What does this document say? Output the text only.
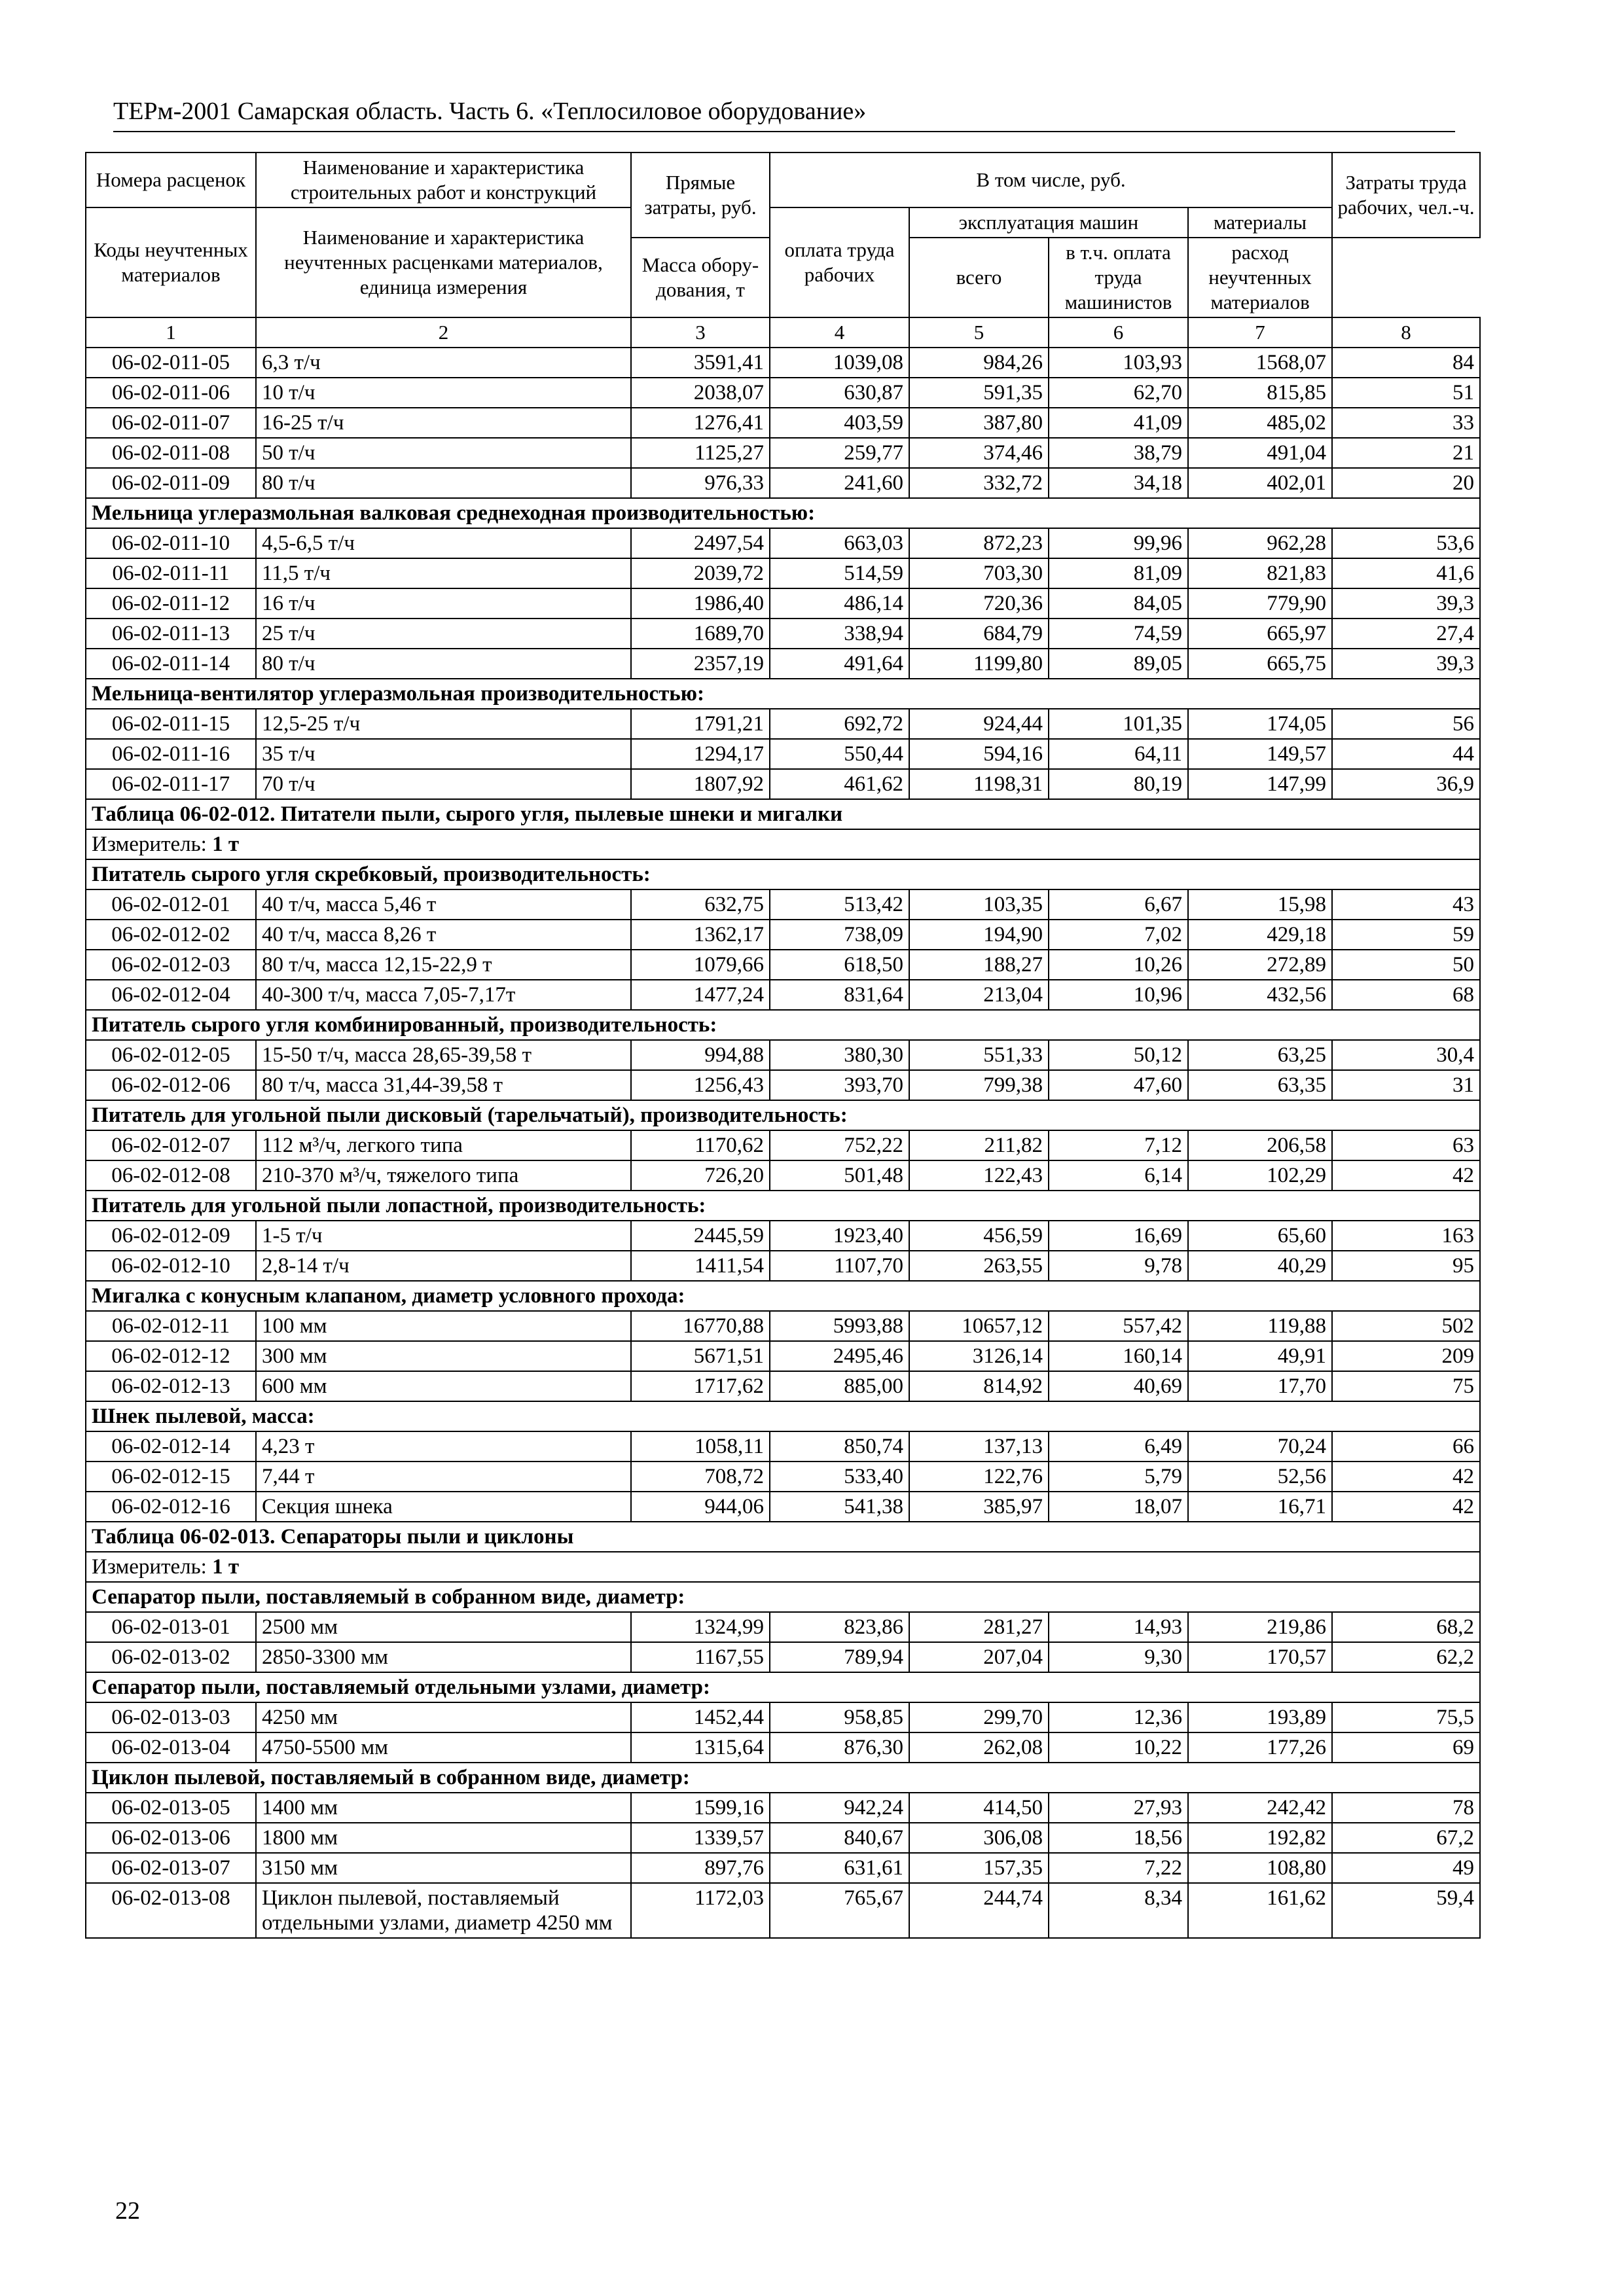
ТЕРм-2001 Самарская область. Часть 6. «Теплосиловое оборудование»
Номера расценок	Наименование и характеристика строительных работ и конструкций	Прямые затраты, руб.	В том числе, руб.				Затраты труда рабочих, чел.-ч.
Коды неучтенных материалов	Наименование и характеристика неучтенных расценками материалов, единица измерения		оплата труда рабочих	эксплуатация машин		материалы	
				всего	в т.ч. оплата труда машинистов	расход неучтенных материалов	
		Масса обору-дования, т					
1	2	3	4	5	6	7	8
06-02-011-05	6,3 т/ч	3591,41	1039,08	984,26	103,93	1568,07	84
06-02-011-06	10 т/ч	2038,07	630,87	591,35	62,70	815,85	51
06-02-011-07	16-25 т/ч	1276,41	403,59	387,80	41,09	485,02	33
06-02-011-08	50 т/ч	1125,27	259,77	374,46	38,79	491,04	21
06-02-011-09	80 т/ч	976,33	241,60	332,72	34,18	402,01	20
Мельница углеразмольная валковая среднеходная производительностью:							
06-02-011-10	4,5-6,5 т/ч	2497,54	663,03	872,23	99,96	962,28	53,6
06-02-011-11	11,5 т/ч	2039,72	514,59	703,30	81,09	821,83	41,6
06-02-011-12	16 т/ч	1986,40	486,14	720,36	84,05	779,90	39,3
06-02-011-13	25 т/ч	1689,70	338,94	684,79	74,59	665,97	27,4
06-02-011-14	80 т/ч	2357,19	491,64	1199,80	89,05	665,75	39,3
Мельница-вентилятор углеразмольная производительностью:							
06-02-011-15	12,5-25 т/ч	1791,21	692,72	924,44	101,35	174,05	56
06-02-011-16	35 т/ч	1294,17	550,44	594,16	64,11	149,57	44
06-02-011-17	70 т/ч	1807,92	461,62	1198,31	80,19	147,99	36,9
Таблица 06-02-012. Питатели пыли, сырого угля, пылевые шнеки и мигалки							
Измеритель: 1 т							
Питатель сырого угля скребковый, производительность:							
06-02-012-01	40 т/ч, масса 5,46 т	632,75	513,42	103,35	6,67	15,98	43
06-02-012-02	40 т/ч, масса 8,26 т	1362,17	738,09	194,90	7,02	429,18	59
06-02-012-03	80 т/ч, масса 12,15-22,9 т	1079,66	618,50	188,27	10,26	272,89	50
06-02-012-04	40-300 т/ч, масса 7,05-7,17т	1477,24	831,64	213,04	10,96	432,56	68
Питатель сырого угля комбинированный, производительность:							
06-02-012-05	15-50 т/ч, масса 28,65-39,58 т	994,88	380,30	551,33	50,12	63,25	30,4
06-02-012-06	80 т/ч, масса 31,44-39,58 т	1256,43	393,70	799,38	47,60	63,35	31
Питатель для угольной пыли дисковый (тарельчатый), производительность:							
06-02-012-07	112 м³/ч, легкого типа	1170,62	752,22	211,82	7,12	206,58	63
06-02-012-08	210-370 м³/ч, тяжелого типа	726,20	501,48	122,43	6,14	102,29	42
Питатель для угольной пыли лопастной, производительность:							
06-02-012-09	1-5 т/ч	2445,59	1923,40	456,59	16,69	65,60	163
06-02-012-10	2,8-14 т/ч	1411,54	1107,70	263,55	9,78	40,29	95
Мигалка с конусным клапаном, диаметр условного прохода:							
06-02-012-11	100 мм	16770,88	5993,88	10657,12	557,42	119,88	502
06-02-012-12	300 мм	5671,51	2495,46	3126,14	160,14	49,91	209
06-02-012-13	600 мм	1717,62	885,00	814,92	40,69	17,70	75
Шнек пылевой, масса:							
06-02-012-14	4,23 т	1058,11	850,74	137,13	6,49	70,24	66
06-02-012-15	7,44 т	708,72	533,40	122,76	5,79	52,56	42
06-02-012-16	Секция шнека	944,06	541,38	385,97	18,07	16,71	42
Таблица 06-02-013. Сепараторы пыли и циклоны							
Измеритель: 1 т							
Сепаратор пыли, поставляемый в собранном виде, диаметр:							
06-02-013-01	2500 мм	1324,99	823,86	281,27	14,93	219,86	68,2
06-02-013-02	2850-3300 мм	1167,55	789,94	207,04	9,30	170,57	62,2
Сепаратор пыли, поставляемый отдельными узлами, диаметр:							
06-02-013-03	4250 мм	1452,44	958,85	299,70	12,36	193,89	75,5
06-02-013-04	4750-5500 мм	1315,64	876,30	262,08	10,22	177,26	69
Циклон пылевой, поставляемый в собранном виде, диаметр:							
06-02-013-05	1400 мм	1599,16	942,24	414,50	27,93	242,42	78
06-02-013-06	1800 мм	1339,57	840,67	306,08	18,56	192,82	67,2
06-02-013-07	3150 мм	897,76	631,61	157,35	7,22	108,80	49
06-02-013-08	Циклон пылевой, поставляемый отдельными узлами, диаметр 4250 мм	1172,03	765,67	244,74	8,34	161,62	59,4
22
